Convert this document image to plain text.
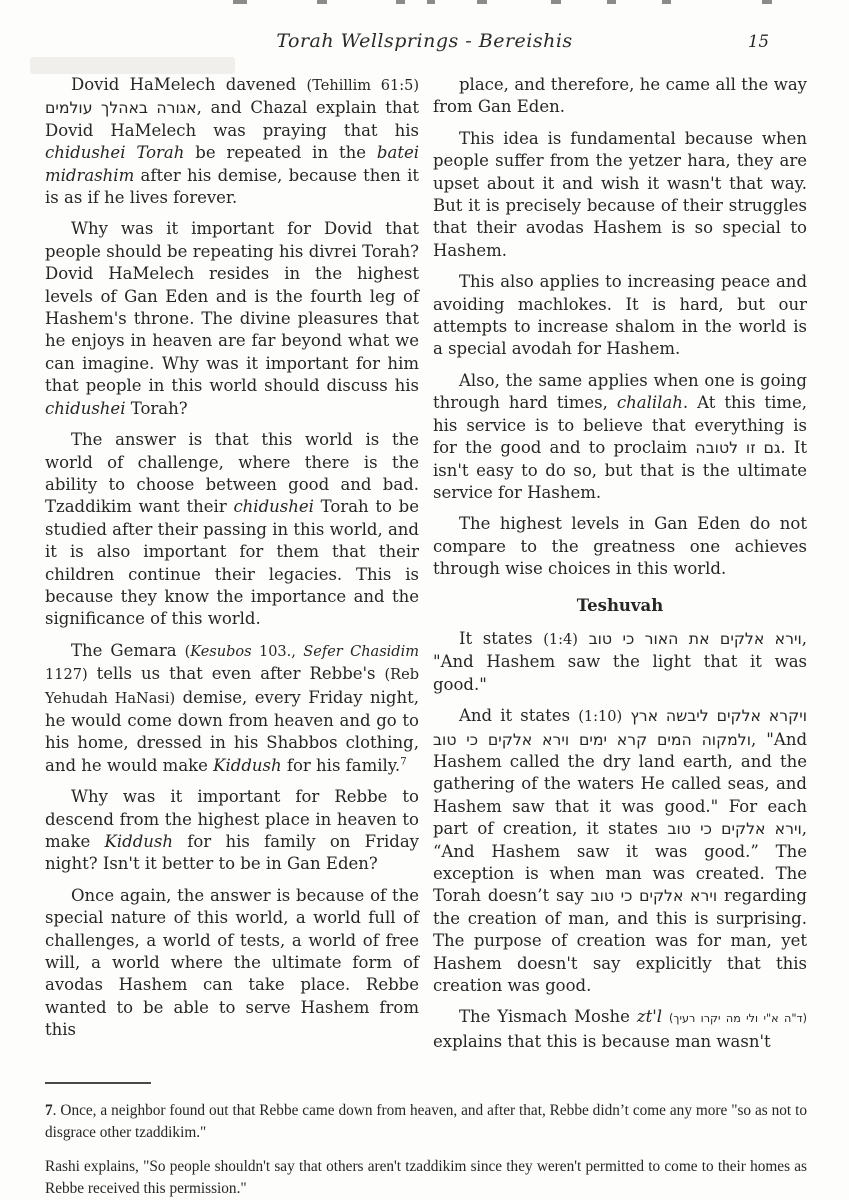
Torah Wellsprings - Bereishis	15

Dovid HaMelech davened (Tehillim 61:5) אגורה באהלך עולמים, and Chazal explain that Dovid HaMelech was praying that his chidushei Torah be repeated in the batei midrashim after his demise, because then it is as if he lives forever.

Why was it important for Dovid that people should be repeating his divrei Torah? Dovid HaMelech resides in the highest levels of Gan Eden and is the fourth leg of Hashem's throne. The divine pleasures that he enjoys in heaven are far beyond what we can imagine. Why was it important for him that people in this world should discuss his chidushei Torah?

The answer is that this world is the world of challenge, where there is the ability to choose between good and bad. Tzaddikim want their chidushei Torah to be studied after their passing in this world, and it is also important for them that their children continue their legacies. This is because they know the importance and the significance of this world.

The Gemara (Kesubos 103., Sefer Chasidim 1127) tells us that even after Rebbe's (Reb Yehudah HaNasi) demise, every Friday night, he would come down from heaven and go to his home, dressed in his Shabbos clothing, and he would make Kiddush for his family.$^7$

Why was it important for Rebbe to descend from the highest place in heaven to make Kiddush for his family on Friday night? Isn't it better to be in Gan Eden?

Once again, the answer is because of the special nature of this world, a world full of challenges, a world of tests, a world of free will, a world where the ultimate form of avodas Hashem can take place. Rebbe wanted to be able to serve Hashem from this

place, and therefore, he came all the way from Gan Eden.

This idea is fundamental because when people suffer from the yetzer hara, they are upset about it and wish it wasn't that way. But it is precisely because of their struggles that their avodas Hashem is so special to Hashem.

This also applies to increasing peace and avoiding machlokes. It is hard, but our attempts to increase shalom in the world is a special avodah for Hashem.

Also, the same applies when one is going through hard times, chalilah. At this time, his service is to believe that everything is for the good and to proclaim גם זו לטובה. It isn't easy to do so, but that is the ultimate service for Hashem.

The highest levels in Gan Eden do not compare to the greatness one achieves through wise choices in this world.

Teshuvah

It states (1:4) וירא אלקים את האור כי טוב, "And Hashem saw the light that it was good."

And it states (1:10) ויקרא אלקים ליבשה ארץ ולמקוה המים קרא ימים וירא אלקים כי טוב, "And Hashem called the dry land earth, and the gathering of the waters He called seas, and Hashem saw that it was good." For each part of creation, it states וירא אלקים כי טוב, “And Hashem saw it was good.” The exception is when man was created. The Torah doesn’t say וירא אלקים כי טוב regarding the creation of man, and this is surprising. The purpose of creation was for man, yet Hashem doesn't say explicitly that this creation was good.

The Yismach Moshe zt'l (ד"ה א"י ולי מה יקרו רעיך) explains that this is because man wasn't

7. Once, a neighbor found out that Rebbe came down from heaven, and after that, Rebbe didn’t come any more "so as not to disgrace other tzaddikim."

Rashi explains, "So people shouldn't say that others aren't tzaddikim since they weren't permitted to come to their homes as Rebbe received this permission."
